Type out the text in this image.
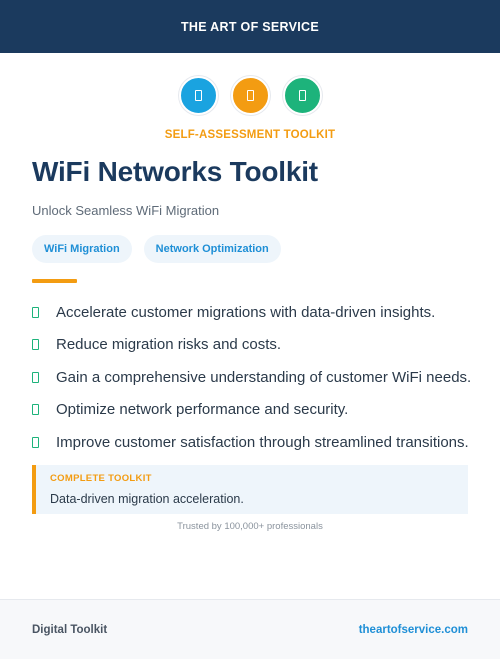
THE ART OF SERVICE
SELF-ASSESSMENT TOOLKIT
WiFi Networks Toolkit
Unlock Seamless WiFi Migration
WiFi Migration	Network Optimization
Accelerate customer migrations with data-driven insights.
Reduce migration risks and costs.
Gain a comprehensive understanding of customer WiFi needs.
Optimize network performance and security.
Improve customer satisfaction through streamlined transitions.
COMPLETE TOOLKIT
Data-driven migration acceleration.
Trusted by 100,000+ professionals
Digital Toolkit	theartofservice.com
